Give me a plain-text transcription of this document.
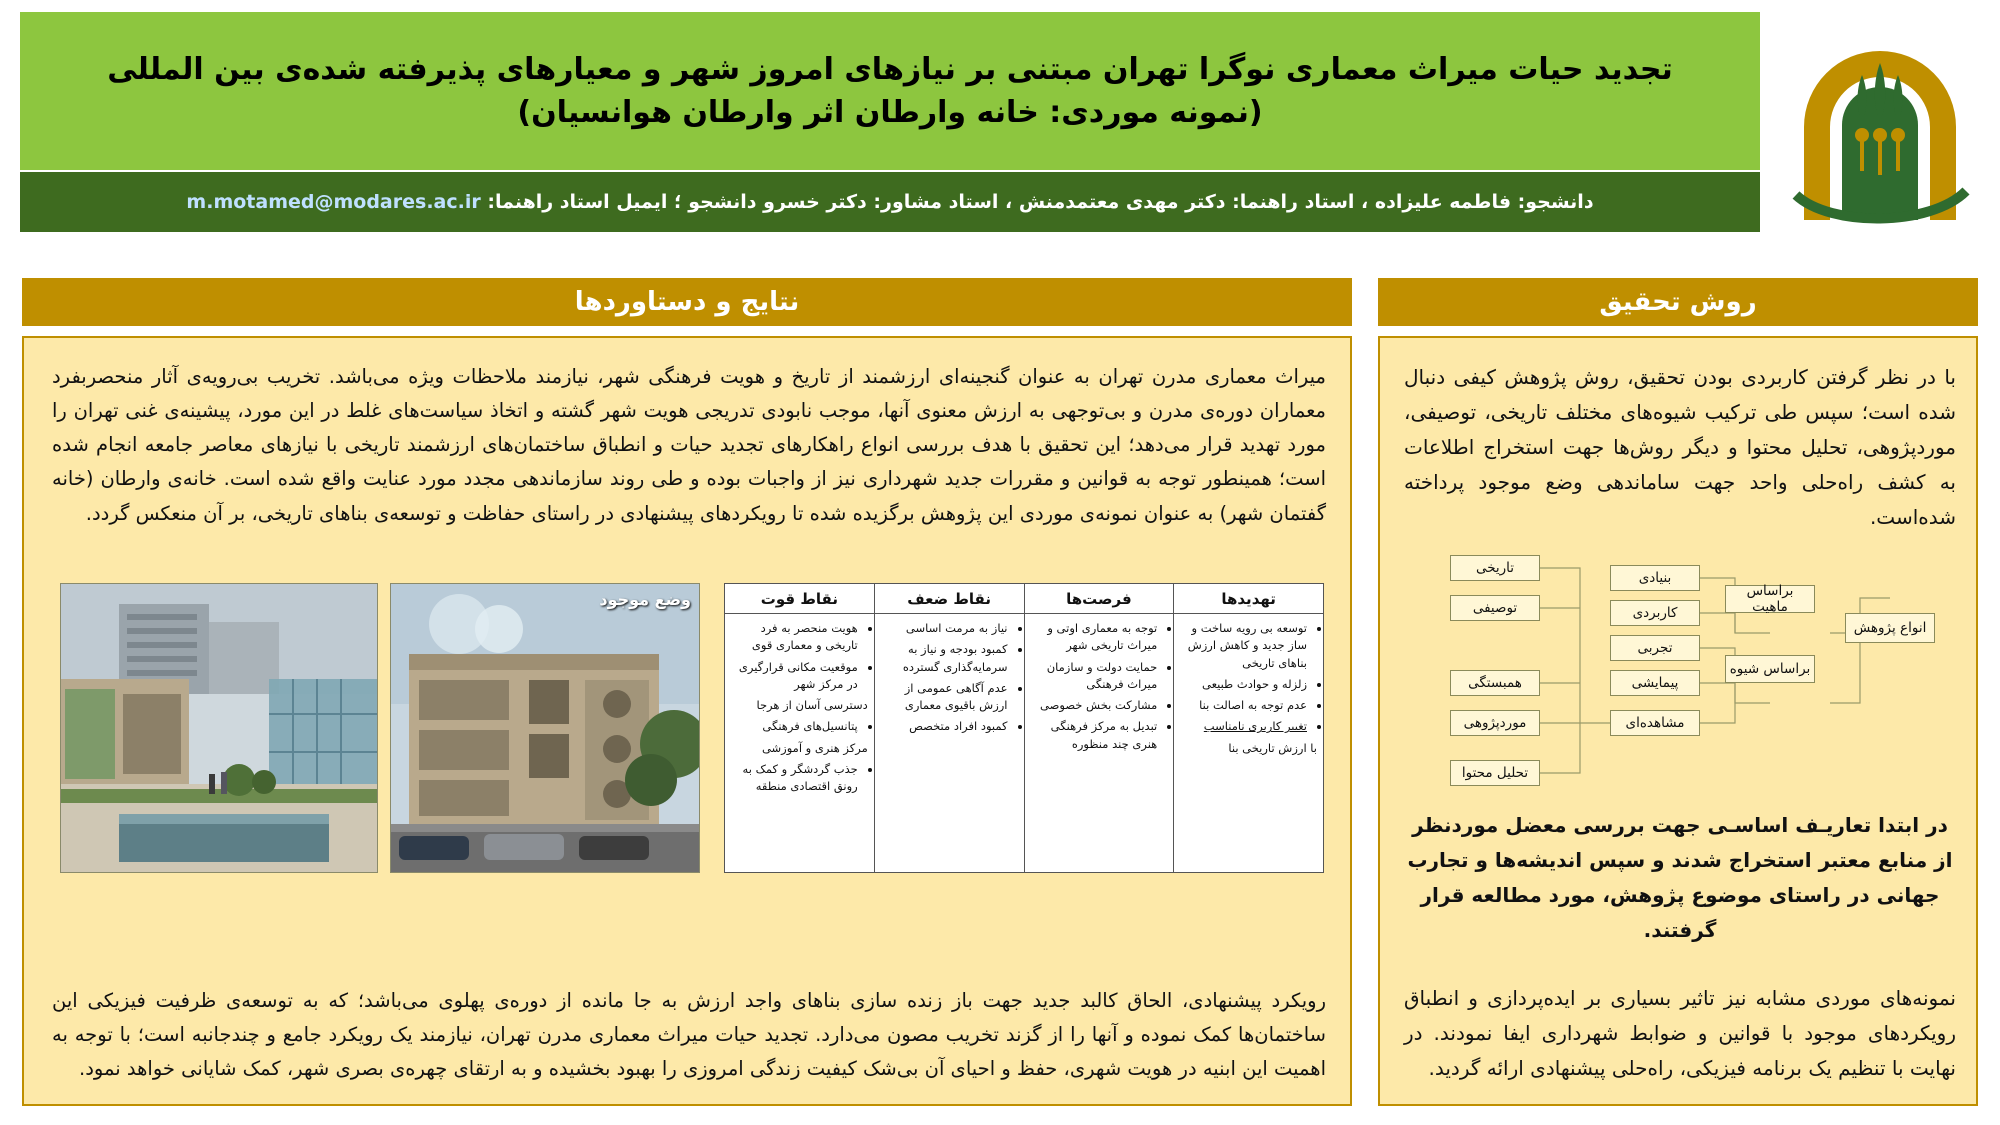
تجدید حیات میراث معماری نوگرا تهران مبتنی بر نیازهای امروز شهر و معیارهای پذیرفته شده‌ی بین المللی
(نمونه موردی: خانه وارطان اثر وارطان هوانسیان)
دانشجو: فاطمه علیزاده ، استاد راهنما: دکتر مهدی معتمدمنش ، استاد مشاور: دکتر خسرو دانشجو ؛ ایمیل استاد راهنما: m.motamed@modares.ac.ir
نتایج و دستاوردها	روش تحقیق
میراث معماری مدرن تهران به عنوان گنجینه‌ای ارزشمند از تاریخ و هویت فرهنگی شهر، نیازمند ملاحظات ویژه می‌باشد. تخریب بی‌رویه‌ی آثار منحصربفرد معماران دوره‌ی مدرن و بی‌توجهی به ارزش معنوی آنها، موجب نابودی تدریجی هویت شهر گشته و اتخاذ سیاست‌های غلط در این مورد، پیشینه‌ی غنی تهران را مورد تهدید قرار می‌دهد؛ این تحقیق با هدف بررسی انواع راهکارهای تجدید حیات و انطباق ساختمان‌های ارزشمند تاریخی با نیازهای معاصر جامعه انجام شده است؛ همینطور توجه به قوانین و مقررات جدید شهرداری نیز از واجبات بوده و طی روند سازماندهی مجدد مورد عنایت واقع شده است. خانه‌ی وارطان (خانه گفتمان شهر) به عنوان نمونه‌ی موردی این پژوهش برگزیده شده تا رویکردهای پیشنهادی در راستای حفاظت و توسعه‌ی بناهای تاریخی، بر آن منعکس گردد.
وضع موجود	تهدیدها
• توسعه بی رویه ساخت و ساز جدید و کاهش ارزش بناهای تاریخی
• زلزله و حوادث طبیعی
• عدم توجه به اصالت بنا
• تغییر کاربری نامناسب
با ارزش تاریخی بنا
فرصت‌ها
• توجه به معماری اوتی و میراث تاریخی شهر
• حمایت دولت و سازمان میراث فرهنگی
• مشارکت بخش خصوصی
• تبدیل به مرکز فرهنگی هنری چند منظوره
نقاط ضعف
• نیاز به مرمت اساسی
• کمبود بودجه و نیاز به سرمایه‌گذاری گسترده
• عدم آگاهی عمومی از ارزش باقیوی معماری
• کمبود افراد متخصص
نقاط قوت
• هویت منحصر به فرد تاریخی و معماری قوی
• موقعیت مکانی قرارگیری در مرکز شهر
دسترسی آسان از هرجا
• پتانسیل‌های فرهنگی
مرکز هنری و آموزشی
• جذب گردشگر و کمک به رونق اقتصادی منطقه
رویکرد پیشنهادی، الحاق کالبد جدید جهت باز زنده سازی بناهای واجد ارزش به جا مانده از دوره‌ی پهلوی می‌باشد؛ که به توسعه‌ی ظرفیت فیزیکی این ساختمان‌ها کمک نموده و آنها را از گزند تخریب مصون می‌دارد. تجدید حیات میراث معماری مدرن تهران، نیازمند یک رویکرد جامع و چندجانبه است؛ با توجه به اهمیت این ابنیه در هویت شهری، حفظ و احیای آن بی‌شک کیفیت زندگی امروزی را بهبود بخشیده و به ارتقای چهره‌ی بصری شهر، کمک شایانی خواهد نمود.
با در نظر گرفتن کاربردی بودن تحقیق، روش پژوهش کیفی دنبال شده است؛ سپس طی ترکیب شیوه‌های مختلف تاریخی، توصیفی، موردپژوهی، تحلیل محتوا و دیگر روش‌ها جهت استخراج اطلاعات به کشف راه‌حلی واحد جهت ساماندهی وضع موجود پرداخته شده‌است.
انواع پژوهش
براساس ماهیت
براساس شیوه
بنیادی
کاربردی
تجربی
پیمایشی
مشاهده‌ای
تاریخی
توصیفی
همبستگی
موردپژوهی
تحلیل محتوا
در ابتدا تعاریـف اساسـی جهت بررسی معضل موردنظر از منابع معتبر استخراج شدند و سپس اندیشه‌ها و تجارب جهانی در راستای موضوع پژوهش، مورد مطالعه قرار گرفتند.
نمونه‌های موردی مشابه نیز تاثیر بسیاری بر ایده‌پردازی و انطباق رویکردهای موجود با قوانین و ضوابط شهرداری ایفا نمودند. در نهایت با تنظیم یک برنامه فیزیکی، راه‌حلی پیشنهادی ارائه گردید.
